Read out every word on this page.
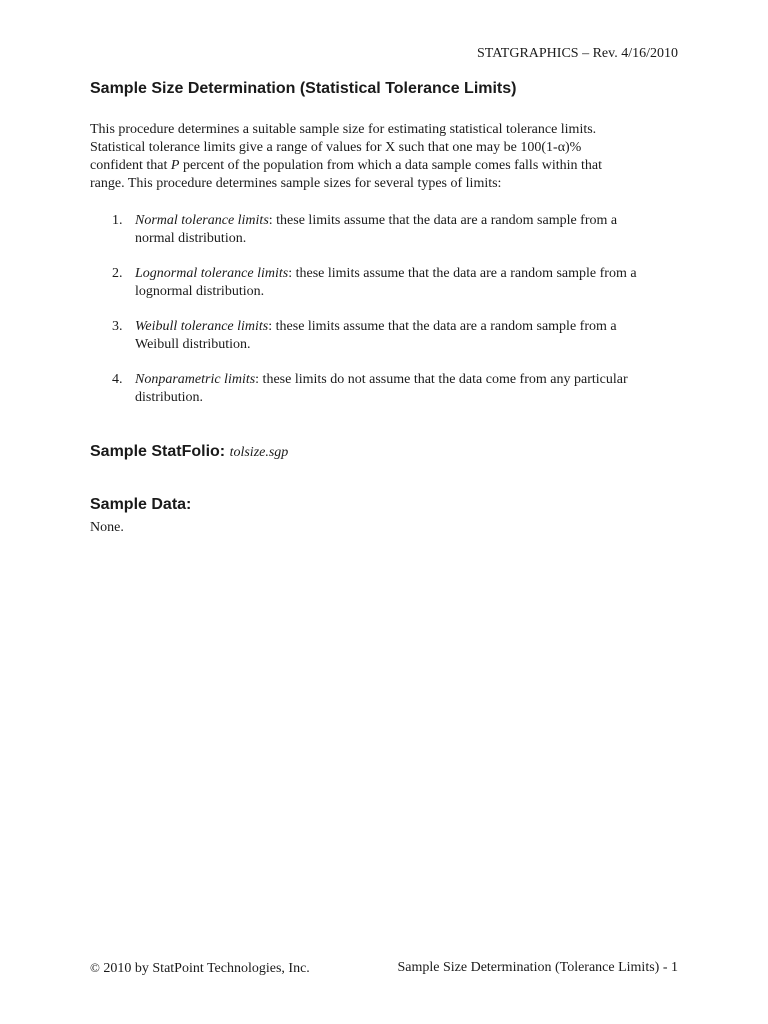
STATGRAPHICS – Rev. 4/16/2010
Sample Size Determination (Statistical Tolerance Limits)
This procedure determines a suitable sample size for estimating statistical tolerance limits.
Statistical tolerance limits give a range of values for X such that one may be 100(1-α)%
confident that P percent of the population from which a data sample comes falls within that
range. This procedure determines sample sizes for several types of limits:
1. Normal tolerance limits: these limits assume that the data are a random sample from a
normal distribution.
2. Lognormal tolerance limits: these limits assume that the data are a random sample from a
lognormal distribution.
3. Weibull tolerance limits: these limits assume that the data are a random sample from a
Weibull distribution.
4. Nonparametric limits: these limits do not assume that the data come from any particular
distribution.
Sample StatFolio: tolsize.sgp
Sample Data:
None.
© 2010 by StatPoint Technologies, Inc.	Sample Size Determination (Tolerance Limits) - 1
